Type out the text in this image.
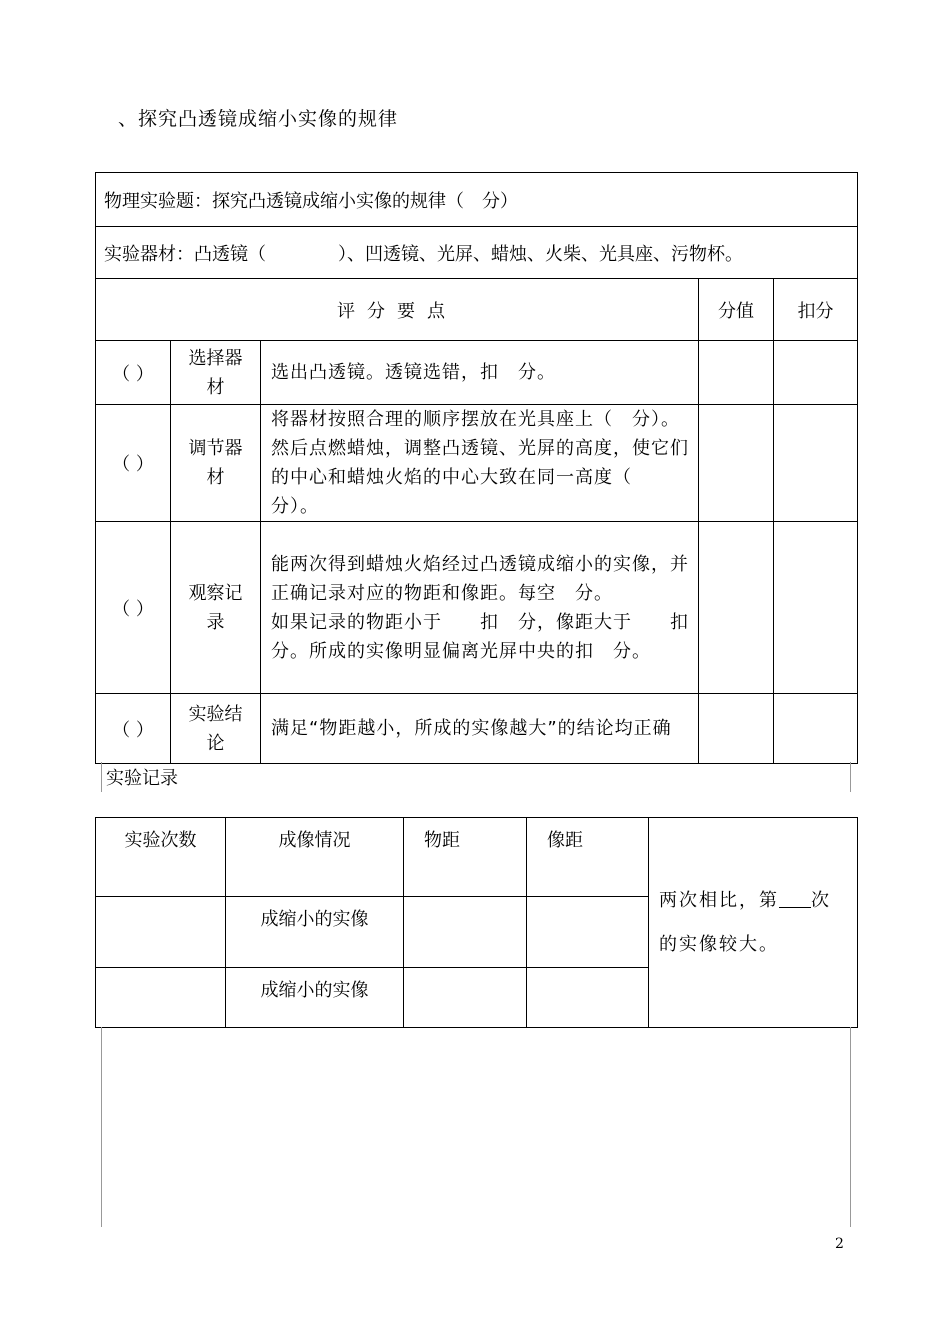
、探究凸透镜成缩小实像的规律
物理实验题：探究凸透镜成缩小实像的规律（　分）				
实验器材：凸透镜（　　　　）、凹透镜、光屏、蜡烛、火柴、光具座、污物杯。				
评分要点			分值	扣分
（ ）	选择器材	选出凸透镜。透镜选错，扣　分。		
（ ）	调节器材	将器材按照合理的顺序摆放在光具座上（　分）。然后点燃蜡烛，调整凸透镜、光屏的高度，使它们的中心和蜡烛火焰的中心大致在同一高度（　分）。		
（ ）	观察记录	能两次得到蜡烛火焰经过凸透镜成缩小的实像，并正确记录对应的物距和像距。每空　分。
如果记录的物距小于　　扣　分，像距大于　　扣　分。所成的实像明显偏离光屏中央的扣　分。		

（ ）	实验结论	满足“物距越小，所成的实像越大”的结论均正确		
实验记录
实验次数	成像情况	物距	像距	两次相比，第 次的实像较大。
	成缩小的实像			
	成缩小的实像			
2
